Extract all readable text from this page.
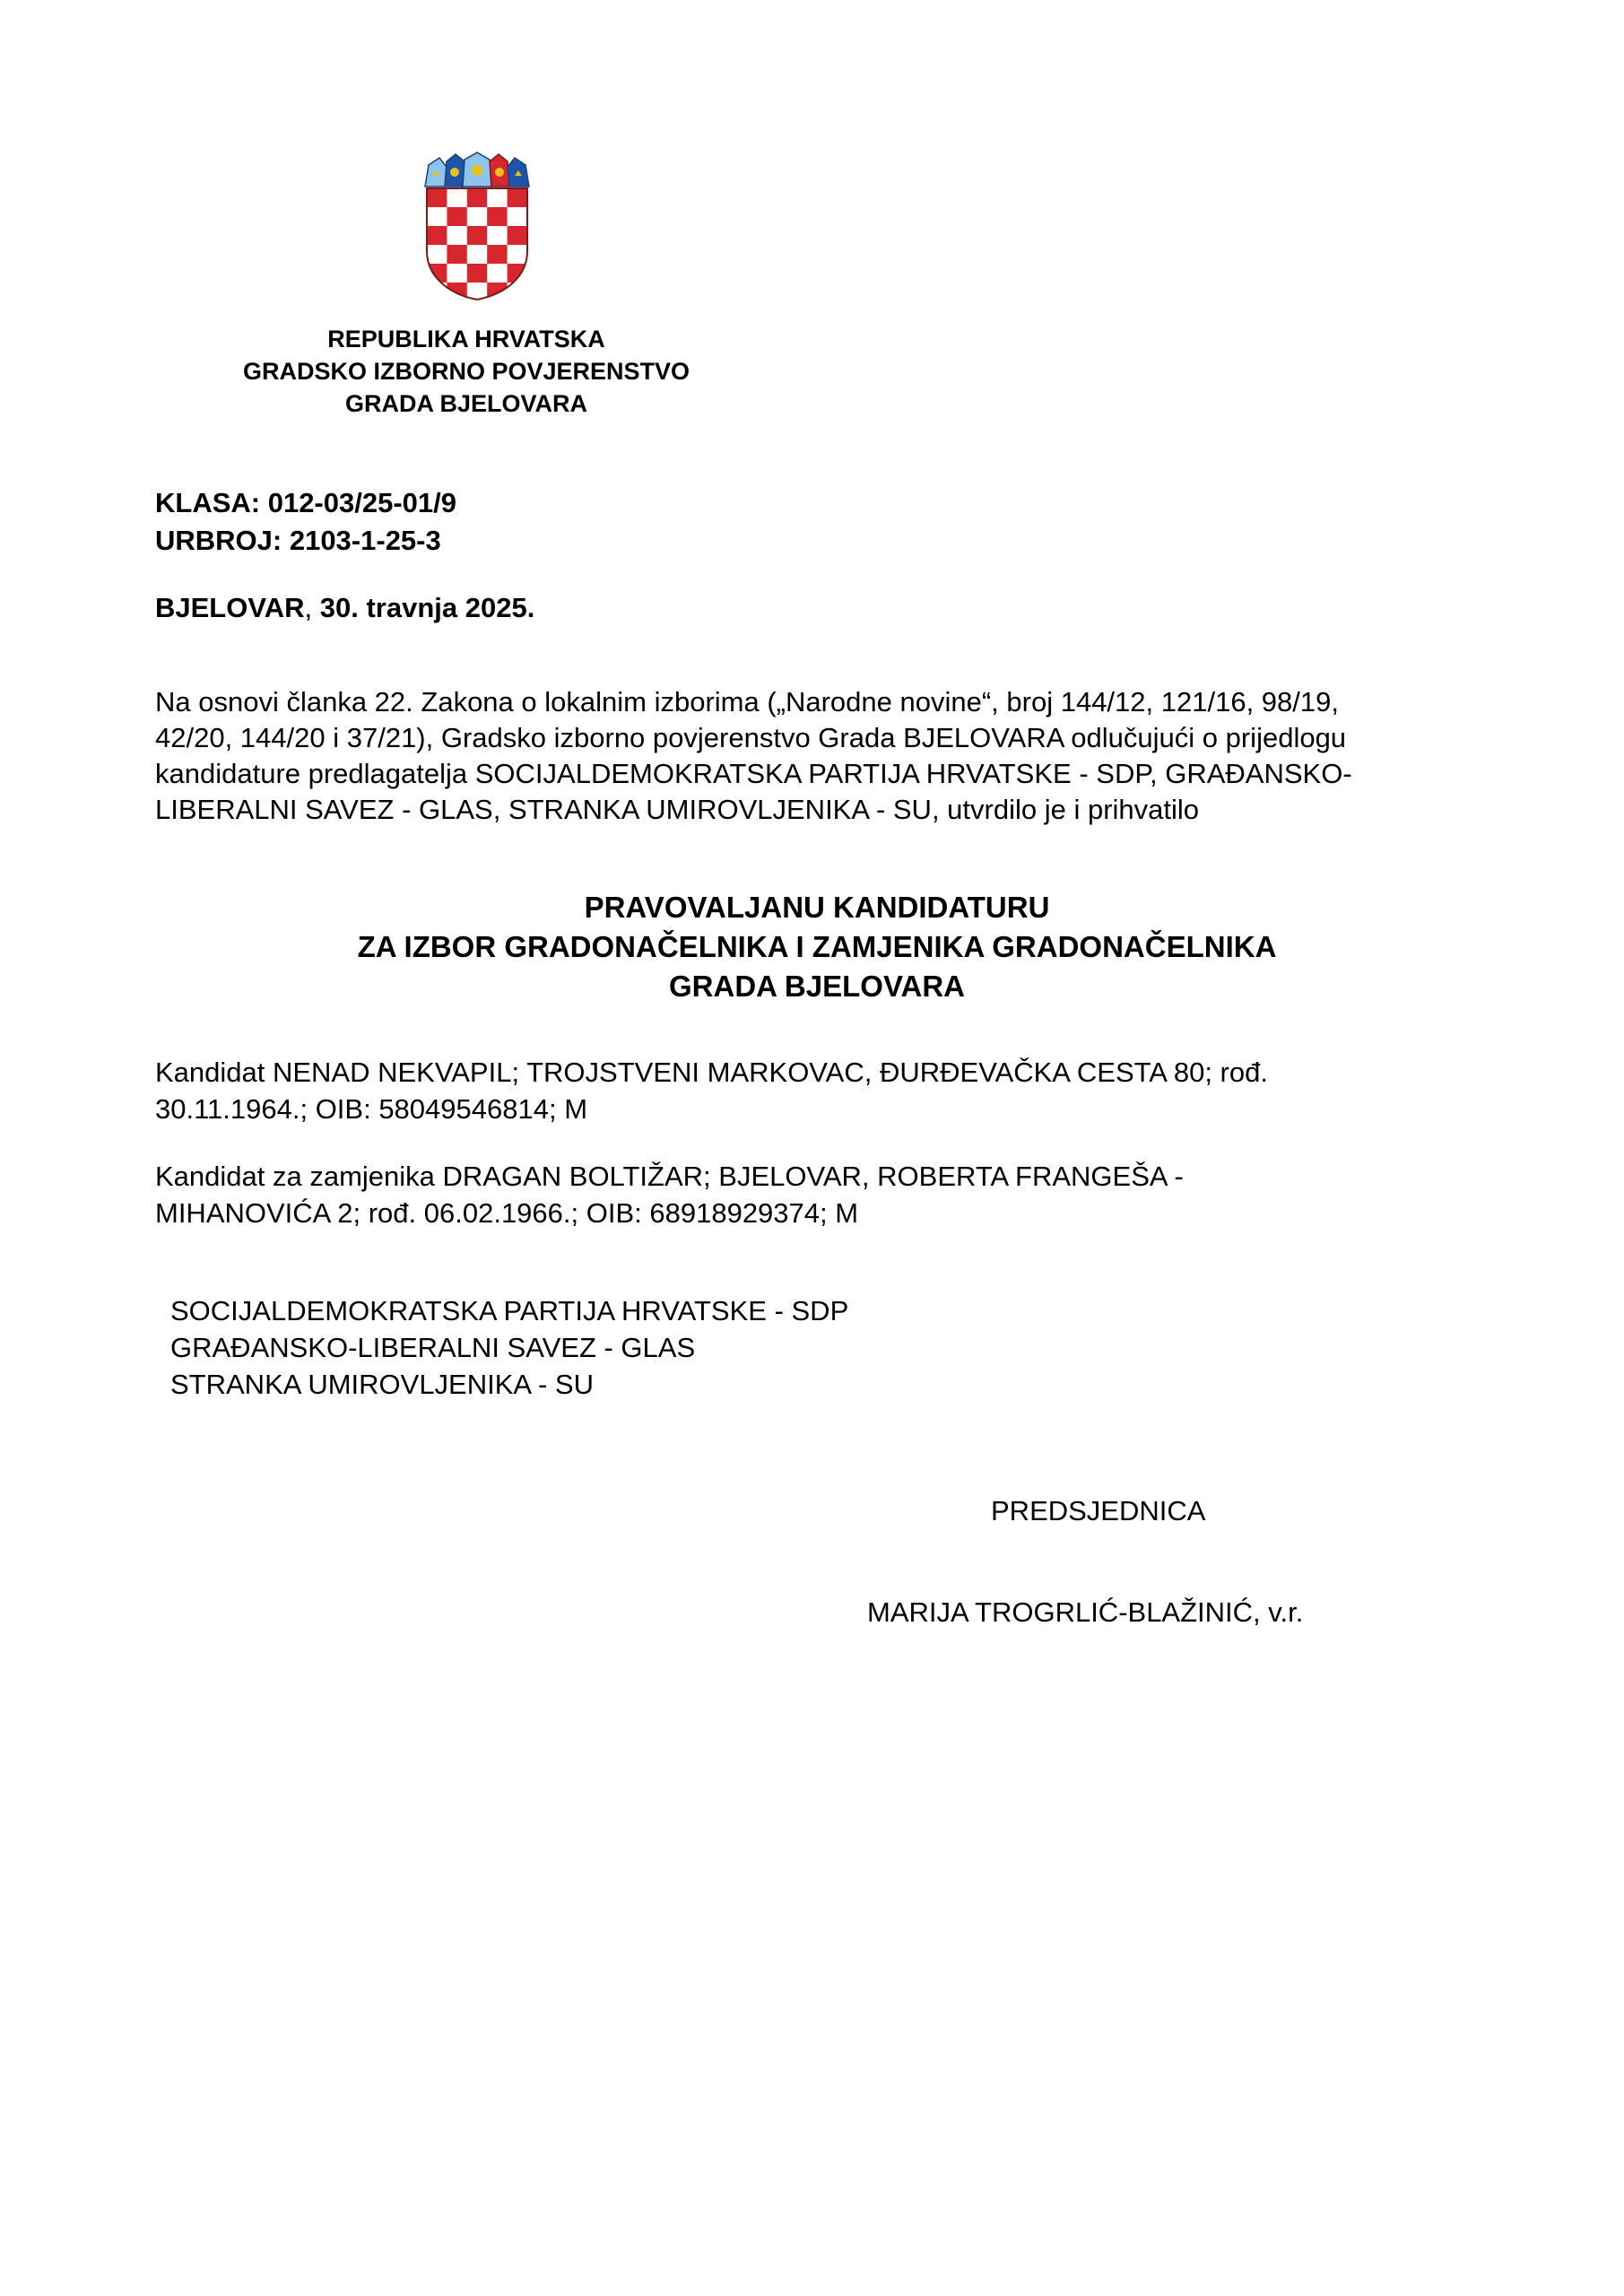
REPUBLIKA HRVATSKA
GRADSKO IZBORNO POVJERENSTVO
GRADA BJELOVARA
KLASA: 012-03/25-01/9
URBROJ: 2103-1-25-3
BJELOVAR, 30. travnja 2025.
Na osnovi članka 22. Zakona o lokalnim izborima („Narodne novine“, broj 144/12, 121/16, 98/19,
42/20, 144/20 i 37/21), Gradsko izborno povjerenstvo Grada BJELOVARA odlučujući o prijedlogu
kandidature predlagatelja SOCIJALDEMOKRATSKA PARTIJA HRVATSKE - SDP, GRAĐANSKO-
LIBERALNI SAVEZ - GLAS, STRANKA UMIROVLJENIKA - SU, utvrdilo je i prihvatilo
PRAVOVALJANU KANDIDATURU
ZA IZBOR GRADONAČELNIKA I ZAMJENIKA GRADONAČELNIKA
GRADA BJELOVARA
Kandidat NENAD NEKVAPIL; TROJSTVENI MARKOVAC, ĐURĐEVAČKA CESTA 80; rođ.
30.11.1964.; OIB: 58049546814; M
Kandidat za zamjenika DRAGAN BOLTIŽAR; BJELOVAR, ROBERTA FRANGEŠA -
MIHANOVIĆA 2; rođ. 06.02.1966.; OIB: 68918929374; M
SOCIJALDEMOKRATSKA PARTIJA HRVATSKE - SDP
GRAĐANSKO-LIBERALNI SAVEZ - GLAS
STRANKA UMIROVLJENIKA - SU
PREDSJEDNICA
MARIJA TROGRLIĆ-BLAŽINIĆ, v.r.
